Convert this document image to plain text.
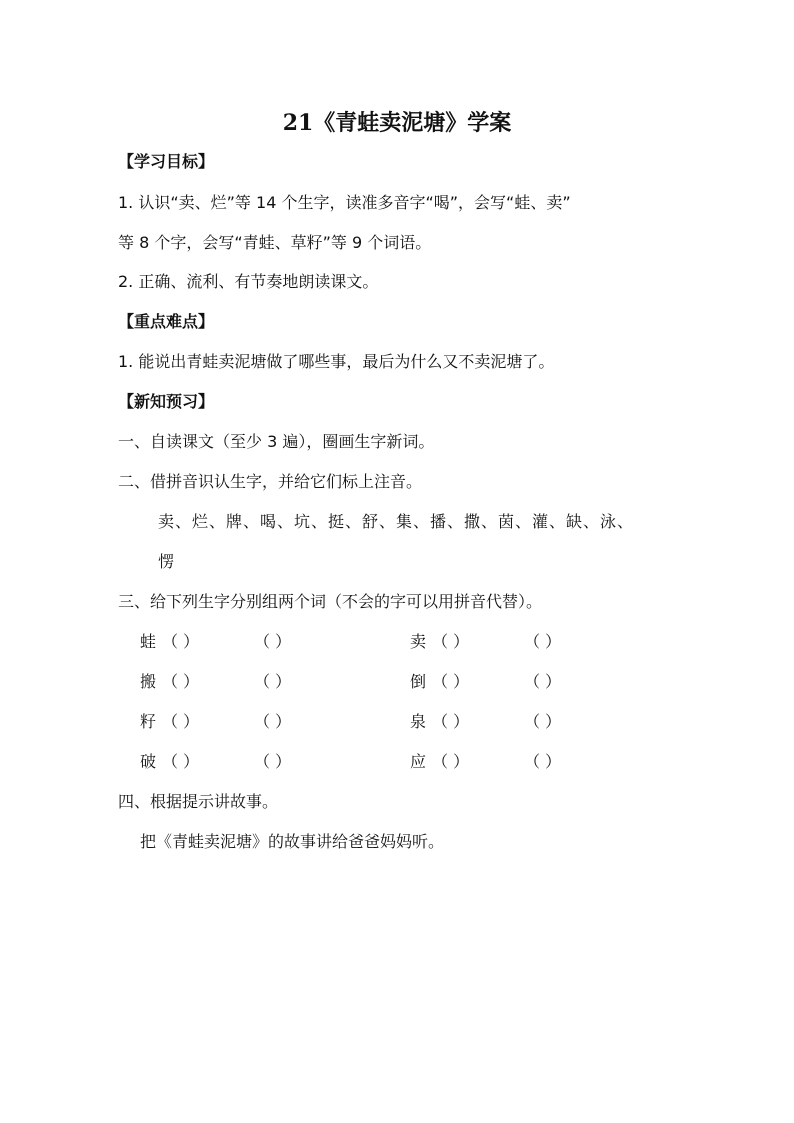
21《青蛙卖泥塘》学案
【学习目标】
1. 认识“卖、烂”等 14 个生字，读准多音字“喝”，会写“蛙、卖”
等 8 个字，会写“青蛙、草籽”等 9 个词语。
2. 正确、流利、有节奏地朗读课文。
【重点难点】
1. 能说出青蛙卖泥塘做了哪些事，最后为什么又不卖泥塘了。
【新知预习】
一、自读课文（至少 3 遍），圈画生字新词。
二、借拼音识认生字，并给它们标上注音。
卖、烂、牌、喝、坑、挺、舒、集、播、撒、茵、灌、缺、泳、
愣
三、给下列生字分别组两个词（不会的字可以用拼音代替）。
蛙 （ ）	（ ）	卖 （ ）	（ ）
搬 （ ）	（ ）	倒 （ ）	（ ）
籽 （ ）	（ ）	泉 （ ）	（ ）
破 （ ）	（ ）	应 （ ）	（ ）
四、根据提示讲故事。
把《青蛙卖泥塘》的故事讲给爸爸妈妈听。
